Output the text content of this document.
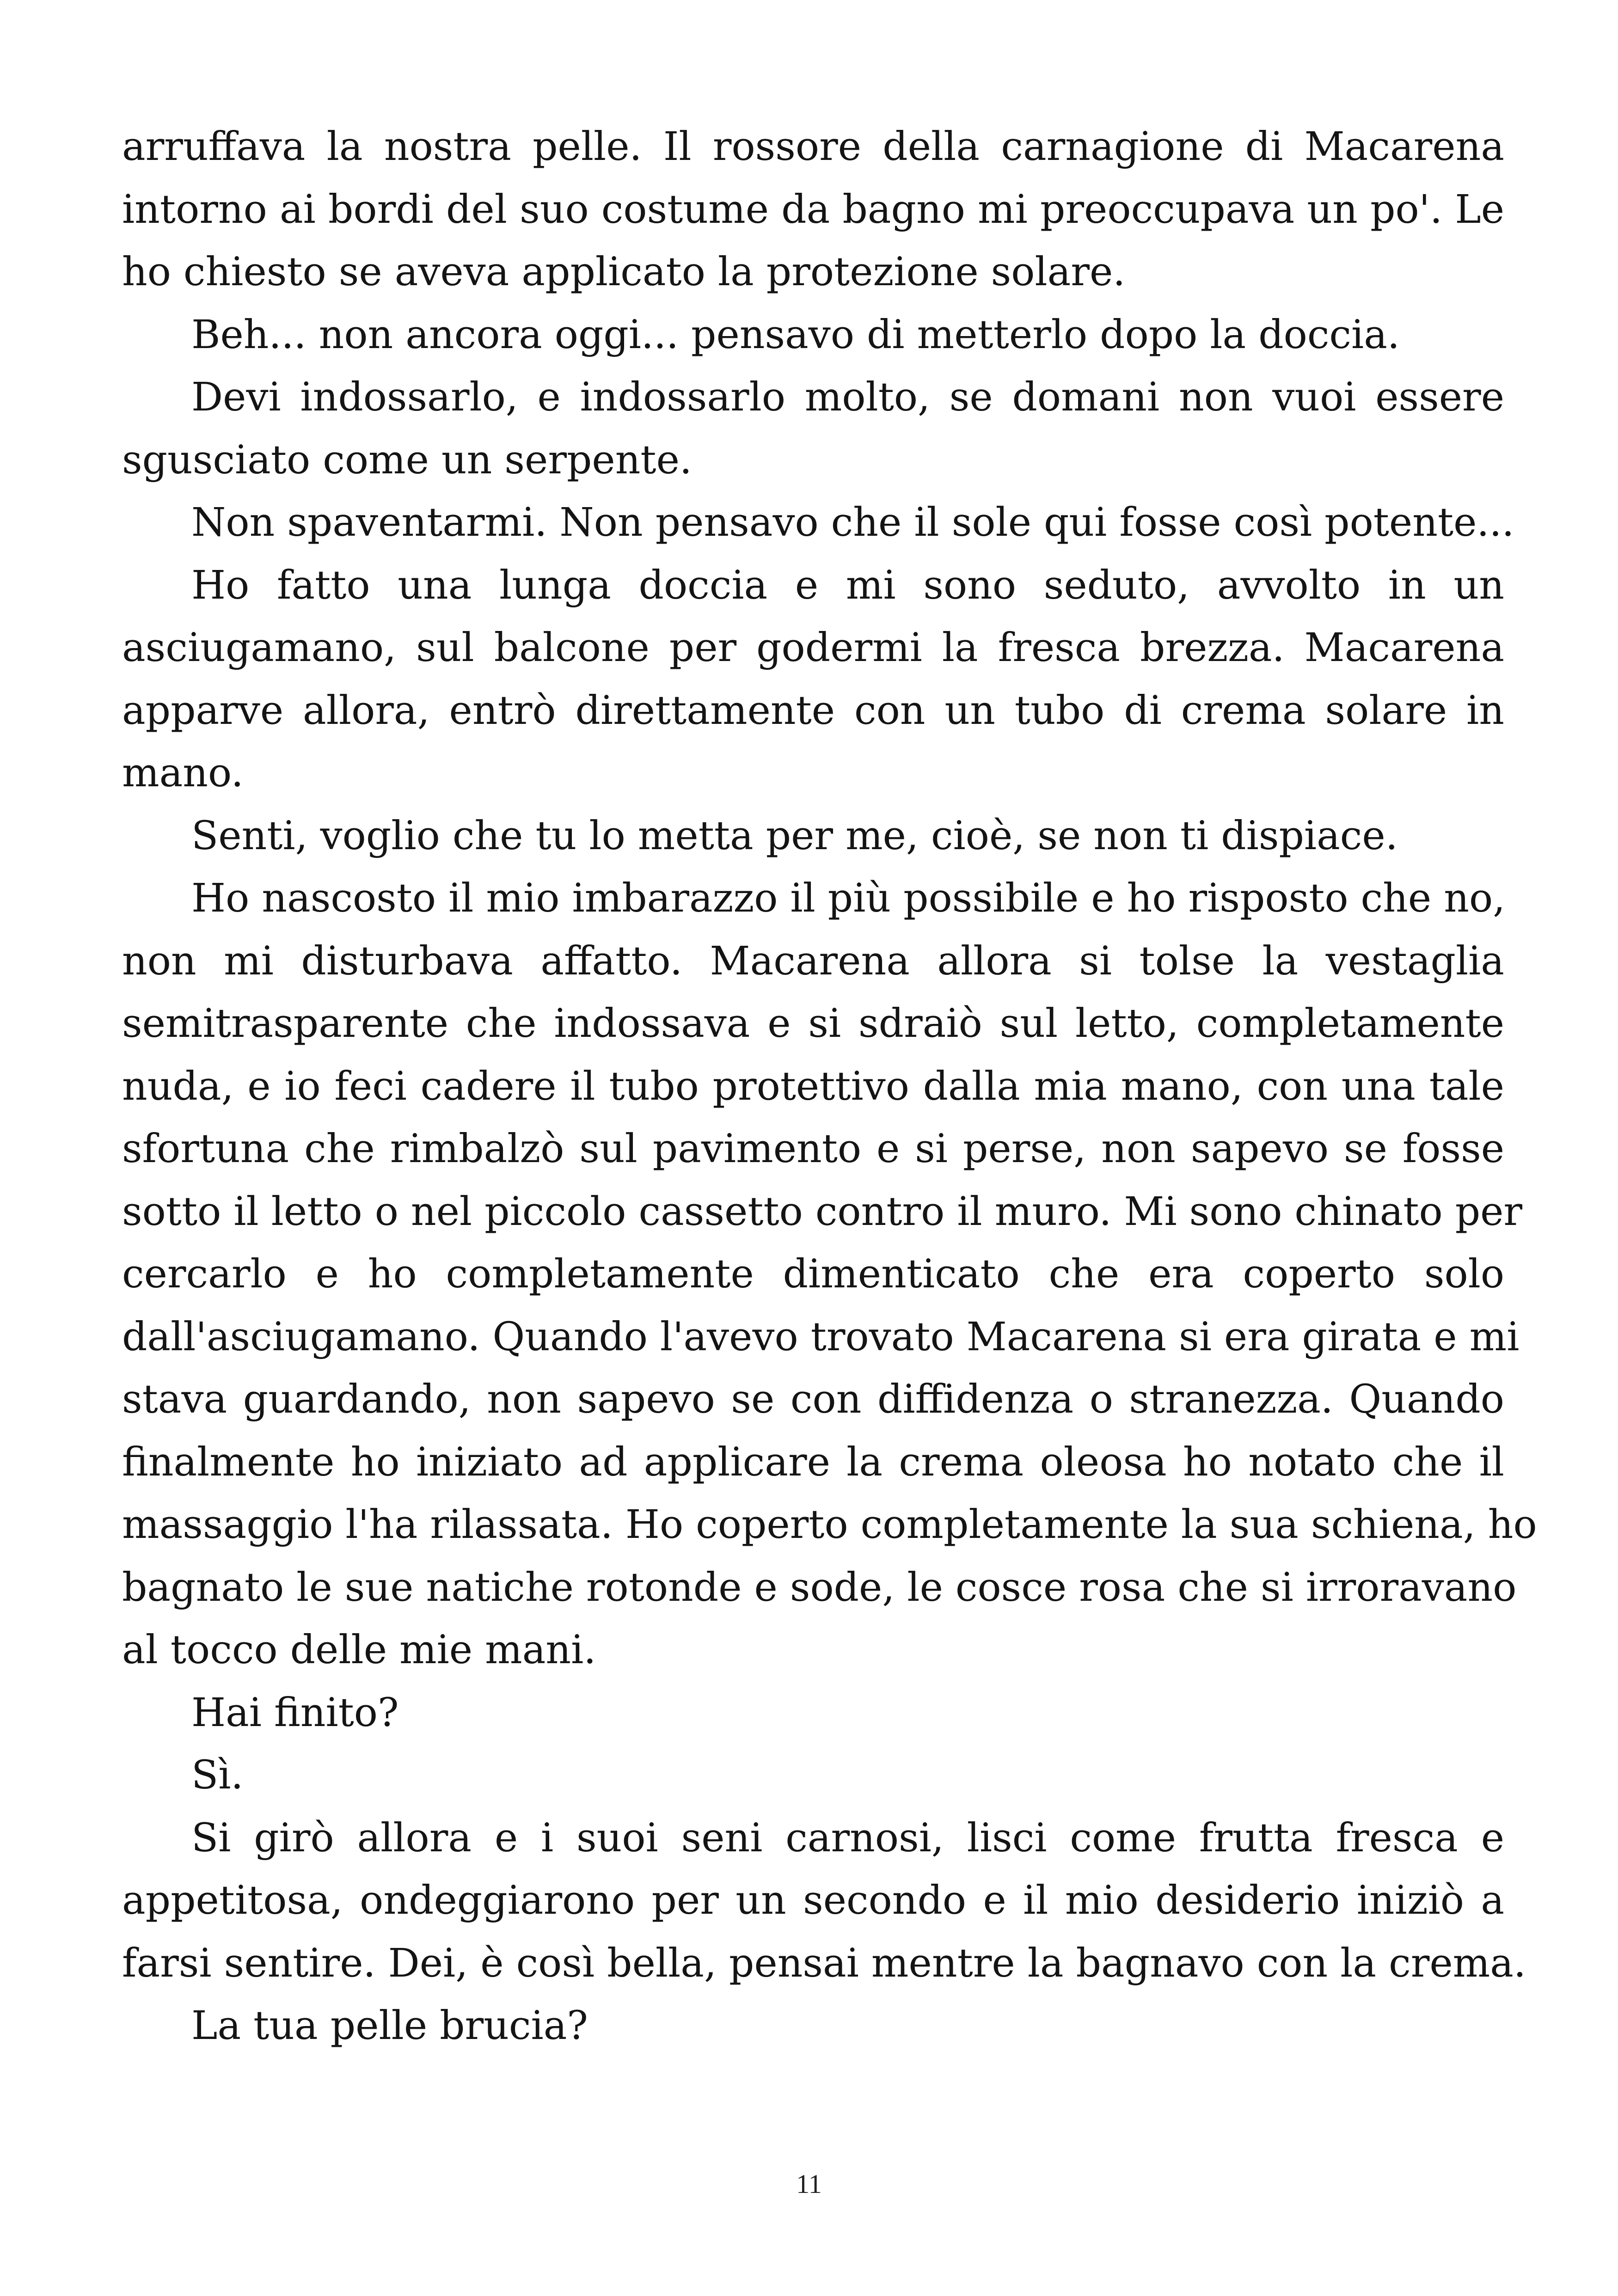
arruffava la nostra pelle. Il rossore della carnagione di Macarena
intorno ai bordi del suo costume da bagno mi preoccupava un po'. Le
ho chiesto se aveva applicato la protezione solare.
Beh... non ancora oggi... pensavo di metterlo dopo la doccia.
Devi indossarlo, e indossarlo molto, se domani non vuoi essere
sgusciato come un serpente.
Non spaventarmi. Non pensavo che il sole qui fosse così potente...
Ho fatto una lunga doccia e mi sono seduto, avvolto in un
asciugamano, sul balcone per godermi la fresca brezza. Macarena
apparve allora, entrò direttamente con un tubo di crema solare in
mano.
Senti, voglio che tu lo metta per me, cioè, se non ti dispiace.
Ho nascosto il mio imbarazzo il più possibile e ho risposto che no,
non mi disturbava affatto. Macarena allora si tolse la vestaglia
semitrasparente che indossava e si sdraiò sul letto, completamente
nuda, e io feci cadere il tubo protettivo dalla mia mano, con una tale
sfortuna che rimbalzò sul pavimento e si perse, non sapevo se fosse
sotto il letto o nel piccolo cassetto contro il muro. Mi sono chinato per
cercarlo e ho completamente dimenticato che era coperto solo
dall'asciugamano. Quando l'avevo trovato Macarena si era girata e mi
stava guardando, non sapevo se con diffidenza o stranezza. Quando
finalmente ho iniziato ad applicare la crema oleosa ho notato che il
massaggio l'ha rilassata. Ho coperto completamente la sua schiena, ho
bagnato le sue natiche rotonde e sode, le cosce rosa che si irroravano
al tocco delle mie mani.
Hai finito?
Sì.
Si girò allora e i suoi seni carnosi, lisci come frutta fresca e
appetitosa, ondeggiarono per un secondo e il mio desiderio iniziò a
farsi sentire. Dei, è così bella, pensai mentre la bagnavo con la crema.
La tua pelle brucia?
11
